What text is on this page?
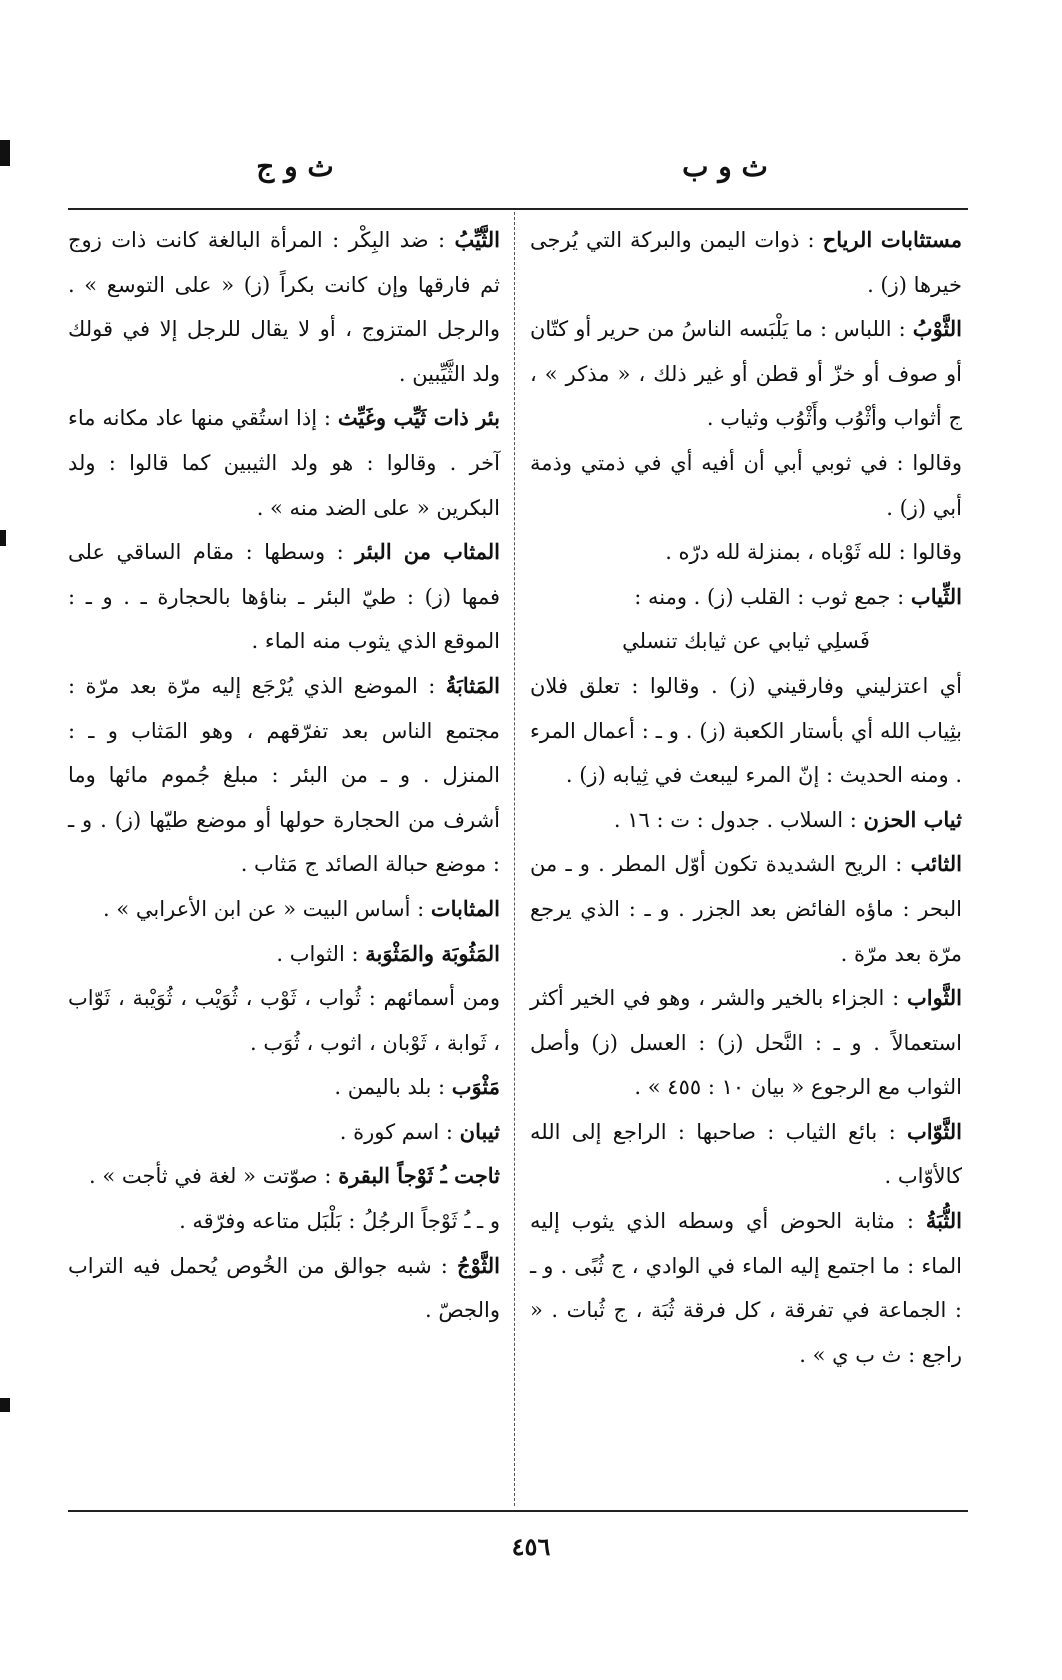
ث و ب
ث و ج

مستثابات الرياح : ذوات اليمن والبركة التي يُرجى خيرها (ز) .

الثَّوْبُ : اللباس : ما يَلْبَسه الناسُ من حرير أو كتّان أو صوف أو خزّ أو قطن أو غير ذلك ، « مذكر » ، ج أثواب وأثْوُب وأَثْوُب وثياب .

وقالوا : في ثوبي أبي أن أفيه أي في ذمتي وذمة أبي (ز) .

وقالوا : لله ثَوْباه ، بمنزلة لله درّه .

الثِّياب : جمع ثوب : القلب (ز) . ومنه :

فَسلِي ثيابي عن ثيابك تنسلي

أي اعتزليني وفارقيني (ز) . وقالوا : تعلق فلان بثِياب الله أي بأستار الكعبة (ز) . و ـ : أعمال المرء . ومنه الحديث : إنّ المرء ليبعث في ثِيابه (ز) .

ثياب الحزن : السلاب . جدول : ت : ١٦ .

الثائب : الريح الشديدة تكون أوّل المطر . و ـ من البحر : ماؤه الفائض بعد الجزر . و ـ : الذي يرجع مرّة بعد مرّة .

الثَّواب : الجزاء بالخير والشر ، وهو في الخير أكثر استعمالاً . و ـ : النَّحل (ز) : العسل (ز) وأصل الثواب مع الرجوع « بيان ١٠ : ٤٥٥ » .

الثَّوّاب : بائع الثياب : صاحبها : الراجع إلى الله كالأوّاب .

الثُّبَةُ : مثابة الحوض أي وسطه الذي يثوب إليه الماء : ما اجتمع إليه الماء في الوادي ، ج ثُبًى . و ـ : الجماعة في تفرقة ، كل فرقة ثُبَة ، ج ثُبات . « راجع : ث ب ي » .

الثَّيِّبُ : ضد البِكْر : المرأة البالغة كانت ذات زوج ثم فارقها وإن كانت بكراً (ز) « على التوسع » . والرجل المتزوج ، أو لا يقال للرجل إلا في قولك ولد الثَّيِّبين .

بئر ذات ثَيِّب وغَيِّث : إذا استُقي منها عاد مكانه ماء آخر . وقالوا : هو ولد الثيبين كما قالوا : ولد البكرين « على الضد منه » .

المثاب من البئر : وسطها : مقام الساقي على فمها (ز) : طيّ البئر ـ بناؤها بالحجارة ـ . و ـ : الموقع الذي يثوب منه الماء .

المَثابَةُ : الموضع الذي يُرْجَع إليه مرّة بعد مرّة : مجتمع الناس بعد تفرّقهم ، وهو المَثاب و ـ : المنزل . و ـ من البئر : مبلغ جُموم مائها وما أشرف من الحجارة حولها أو موضع طيّها (ز) . و ـ : موضع حبالة الصائد ج مَثاب .

المثابات : أساس البيت « عن ابن الأعرابي » .

المَثُوبَة والمَثْوَبة : الثواب .

ومن أسمائهم : ثُواب ، ثَوْب ، ثُوَيْب ، ثُوَيْبة ، ثَوّاب ، ثَوابة ، ثَوْبان ، اثوب ، ثُوَب .

مَثْوَب : بلد باليمن .

ثيبان : اسم كورة .

ثاجت ـُ ثَوْجاً البقرة : صوّتت « لغة في ثأجت » .

و ـ ـُ ثَوْجاً الرجُلُ : بَلْبَل متاعه وفرّقه .

الثَّوْجُ : شبه جوالق من الخُوص يُحمل فيه التراب والجصّ .

٤٥٦
